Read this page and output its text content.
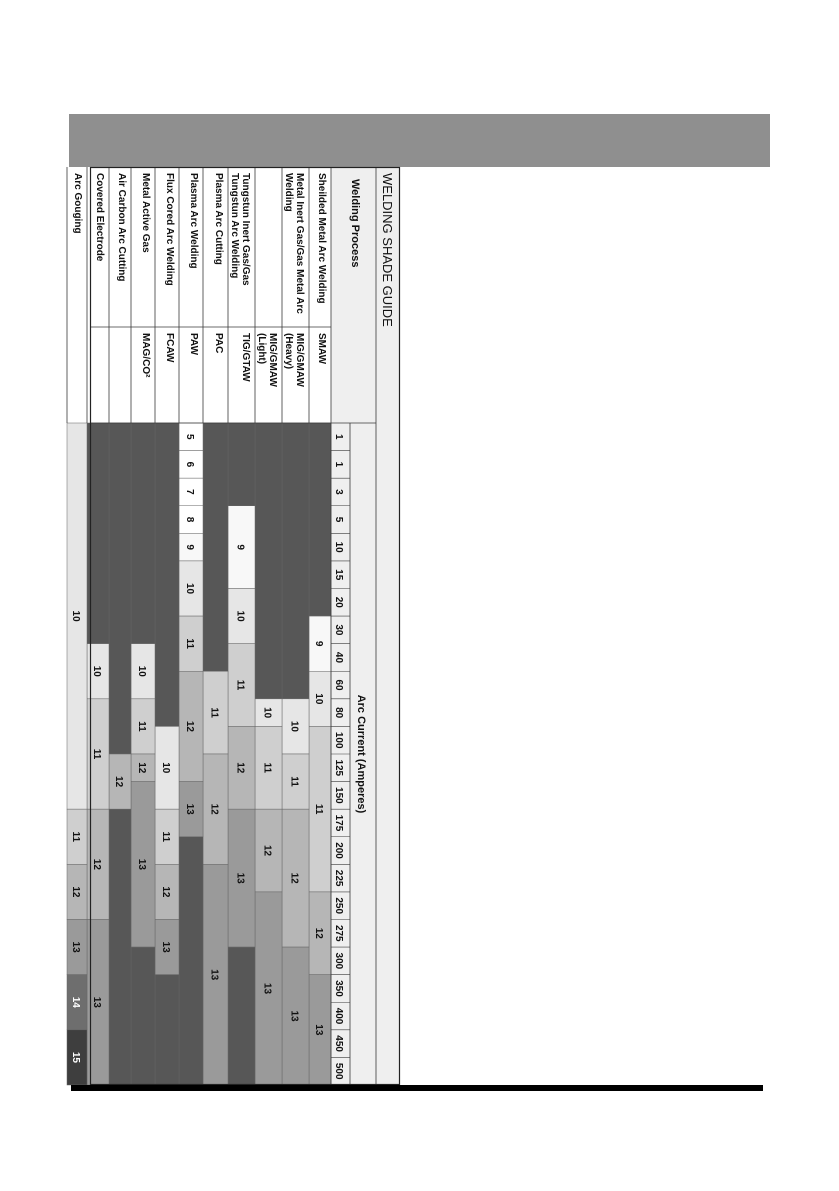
WELDING SHADE GUIDE
Welding Process
Arc Current (Amperes)
1
1
3
5
10
15
20
30
40
60
80
100
125
150
175
200
225
250
275
300
350
400
450
500
9
10
11
12
13
Sheilded Metal Arc Welding
SMAW
10
11
12
13
Metal Inert Gas/Gas Metal Arc
Welding
MIG/GMAW
(Heavy)
10
11
12
13
MIG/GMAW
(Light)
9
10
11
12
13
Tungstun Inert Gas/Gas
Tungstun Arc Welding
TIG/GTAW
11
12
13
Plasma Arc Cutting
PAC
5
6
7
8
9
10
11
12
13
Plasma Arc Welding
PAW
10
11
12
13
Flux Cored Arc Welding
FCAW
10
11
12
13
Metal Active Gas
MAG/CO²
12
Air Carbon Arc Cutting
10
11
12
13
Covered Electrode
10
11
12
13
14
15
Arc Gouging
